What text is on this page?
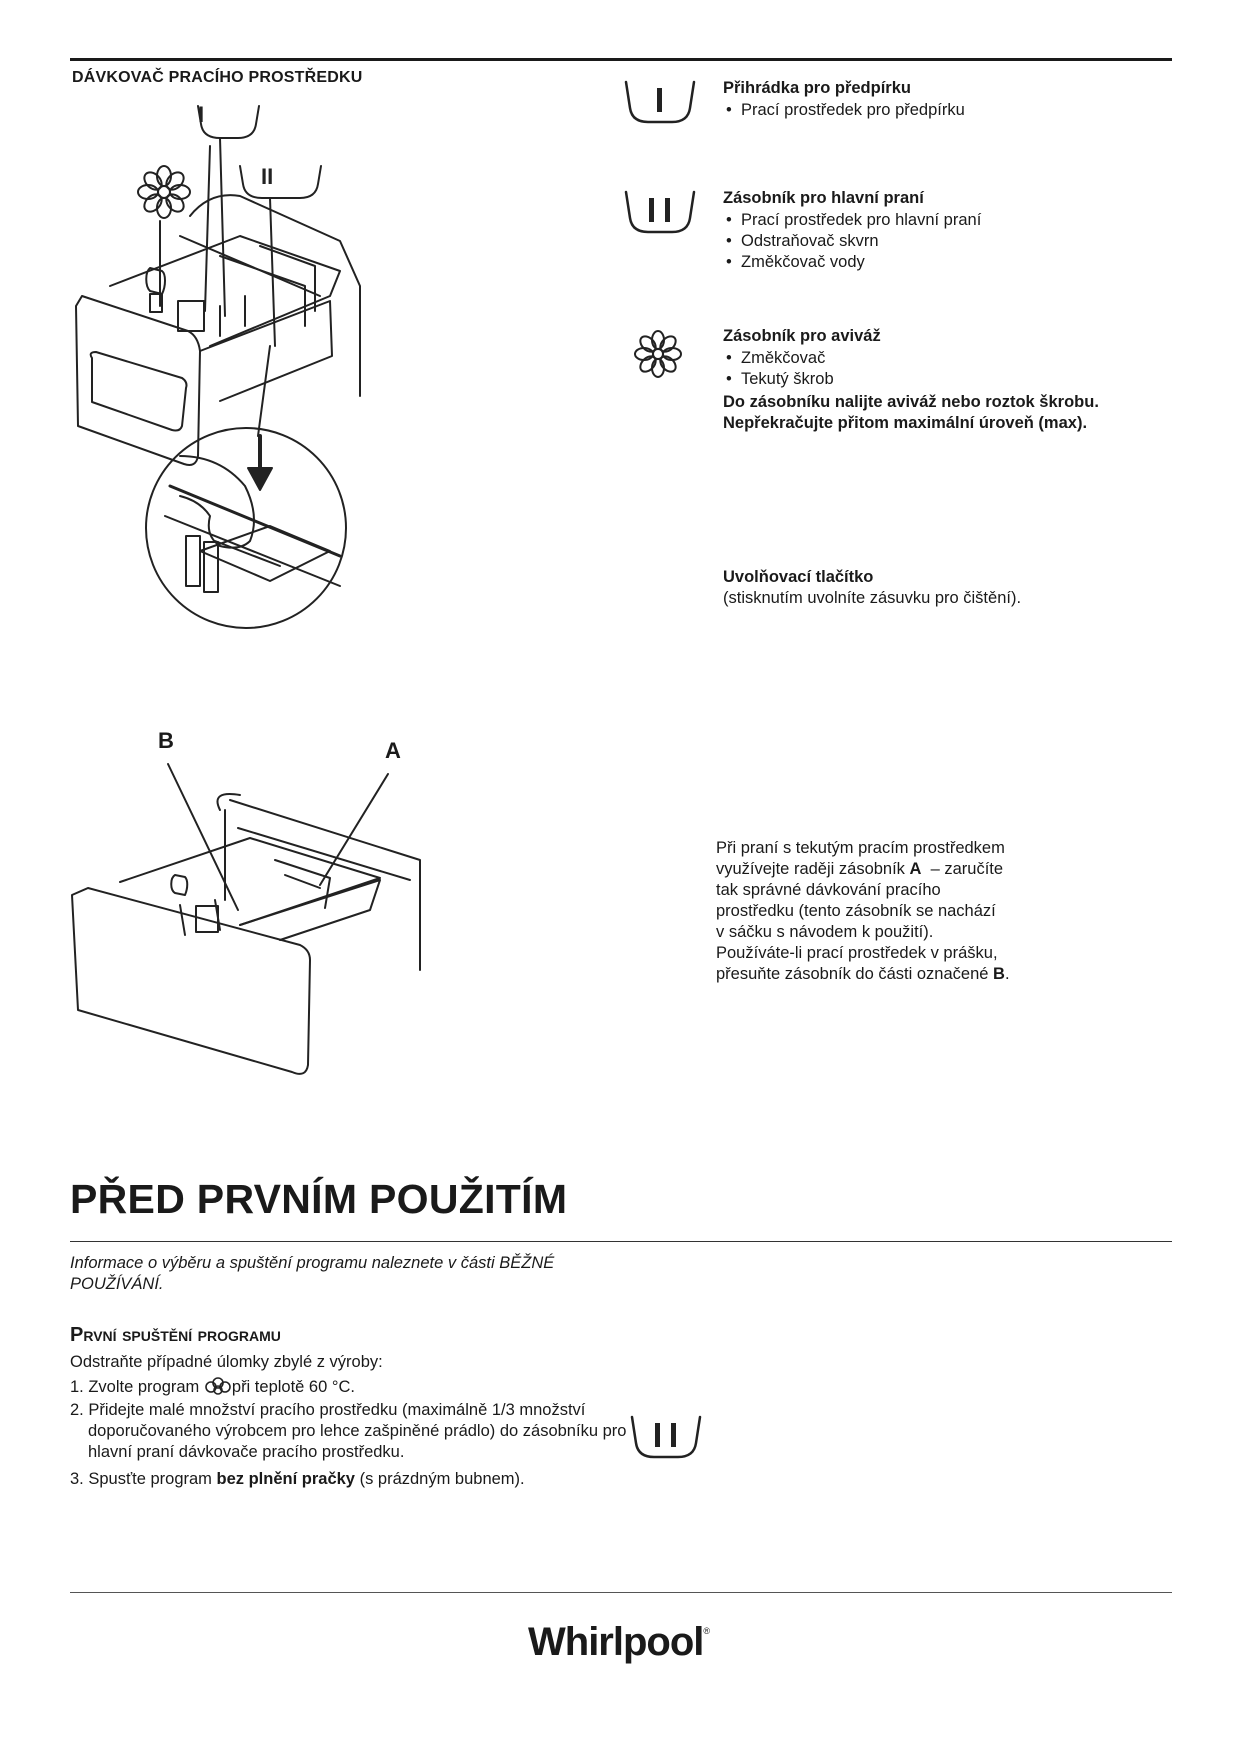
DÁVKOVAČ PRACÍHO PROSTŘEDKU
I
II
B	A
Přihrádka pro předpírku
• Prací prostředek pro předpírku
Zásobník pro hlavní praní
• Prací prostředek pro hlavní praní
• Odstraňovač skvrn
• Změkčovač vody
Zásobník pro aviváž
• Změkčovač
• Tekutý škrob
Do zásobníku nalijte aviváž nebo roztok škrobu.
Nepřekračujte přitom maximální úroveň (max).
Uvolňovací tlačítko
(stisknutím uvolníte zásuvku pro čištění).
Při praní s tekutým pracím prostředkem
využívejte raději zásobník A  – zaručíte
tak správné dávkování pracího
prostředku (tento zásobník se nachází
v sáčku s návodem k použití).
Používáte-li prací prostředek v prášku,
přesuňte zásobník do části označené B.
PŘED PRVNÍM POUŽITÍM
Informace o výběru a spuštění programu naleznete v části BĚŽNÉ POUŽÍVÁNÍ.
První spuštění programu

Odstraňte případné úlomky zbylé z výroby:

1. Zvolte program při teplotě 60 °C.
2. Přidejte malé množství pracího prostředku (maximálně 1/3 množství doporučovaného výrobcem pro lehce zašpiněné prádlo) do zásobníku pro hlavní praní dávkovače pracího prostředku.
3. Spusťte program bez plnění pračky (s prázdným bubnem).
Whirlpool®
